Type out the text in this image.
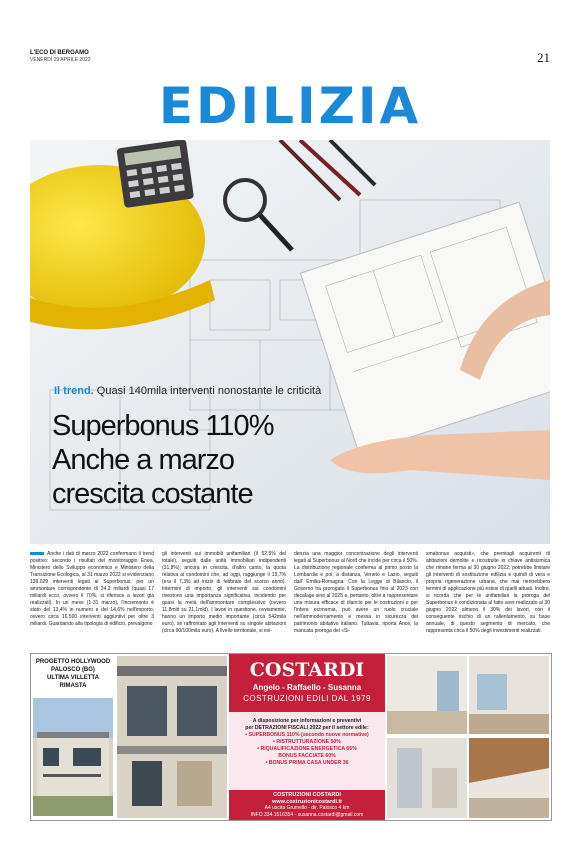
L'ECO DI BERGAMO
VENERDÌ 29 APRILE 2022	21
EDILIZIA
Il trend. Quasi 140mila interventi nonostante le criticità
Superbonus 110%
Anche a marzo
crescita costante
Anche i dati di marzo 2022 confermano il trend positivo: secondo i risultati del monitoraggio Enea, Ministero dello Sviluppo economico e Ministero della Transizione Ecologica, al 31 marzo 2022 si evidenziano 139.029 interventi legati al Superbonus, per un ammontare corrispondente di 24,2 miliardi (quasi 17 miliardi ecco, ovvero il 70%, si riferisce a lavori già realizzati). In un mese (1-31 marzo), l'incremento è stato del 13,4% in numero e del 14,6% nell'importo, ovvero circa 16.500 interventi aggiuntivi per oltre 3 miliardi. Guardando alla tipologia di edificio, prevalgono
gli interventi sui immobili unifamiliari (il 52,5% del totale), seguiti dalle unità immobiliari indipendenti (31,8%); ancora in crescita, d'altro canto, la quota relativa ai condomini che, ad oggi, raggiunge il 15,7% (era il 7,3% ad inizio di febbraio del scorso anno). Intermini di importo, gli interventi sui condomini rivestono una importanza significativa, incidendo per quasi la metà dell'ammontare complessivo (ovvero 11,8mld su 21,1mld). I lavori in questione, ovviamente, hanno un importo medio importante (circa 542mila euro), se raffrontato agli interventi su singole abitazioni (circa 90/100mila euro). A livello territoriale, si evi-
denzia una maggior concentrazione degli interventi legati al Superbonus al Nord che incide per circa il 50%. La distribuzione regionale conferma al primo posto la Lombardia e poi, a distanza, Veneto e Lazio, seguiti dall' Emilia-Romagna. Con la Legge di Bilancio, il Governo ha prorogato il Superbonus fino al 2023 con decalage sino al 2025 e, pertanto, oltre a rappresentare una misura efficace di rilancio per le costruzioni e per l'intera economia, può avere un ruolo cruciale nell'ammodernamento e messa in sicurezza del patrimonio abitativo italiano. Tuttavia, riporta Ance, la mancata proroga del «Si-
smabonus acquisti», che premiagli acquirenti di abitazioni demolite e ricostruite in chiave antisismica che rimane ferma al 30 giugno 2022, potrebbe limitare gli interventi di sostituzione edilizia e quindi di vera e propria rigenerazione urbana, che mai rientrebbero termini di applicazione più estesi di quelli attuali. Inoltre, si ricorda che per le unifamiliari la proroga del Superbonus è condizionata al fatto aver realizzato al 30 giugno 2022 almeno il 30% dei lavori, con il conseguente rischio di un rallentamento, su base annuale, di questo segmento di mercato, che rappresenta circa il 50% degli investimenti realizzati.
PROGETTO HOLLYWOOD
PALOSCO (BG)
ULTIMA VILLETTA
RIMASTA
COSTARDI
Angelo - Raffaello - Susanna
COSTRUZIONI EDILI DAL 1979
A disposizione per informazioni e preventivi
per DETRAZIONI FISCALI 2022 per il settore edile:
• SUPERBONUS 110% (secondo nuove normative)
• RISTRUTTURAZIONE 50%
• RIQUALIFICAZIONE ENERGETICA 65%
BONUS FACCIATE 60%
• BONUS PRIMA CASA UNDER 36
COSTRUZIONI COSTARDI
www.costruzionicostardi.it
A4 uscita Grumello - dir. Palosco 4 km
INFO 334.1516354 - susanna.costardi@gmail.com
